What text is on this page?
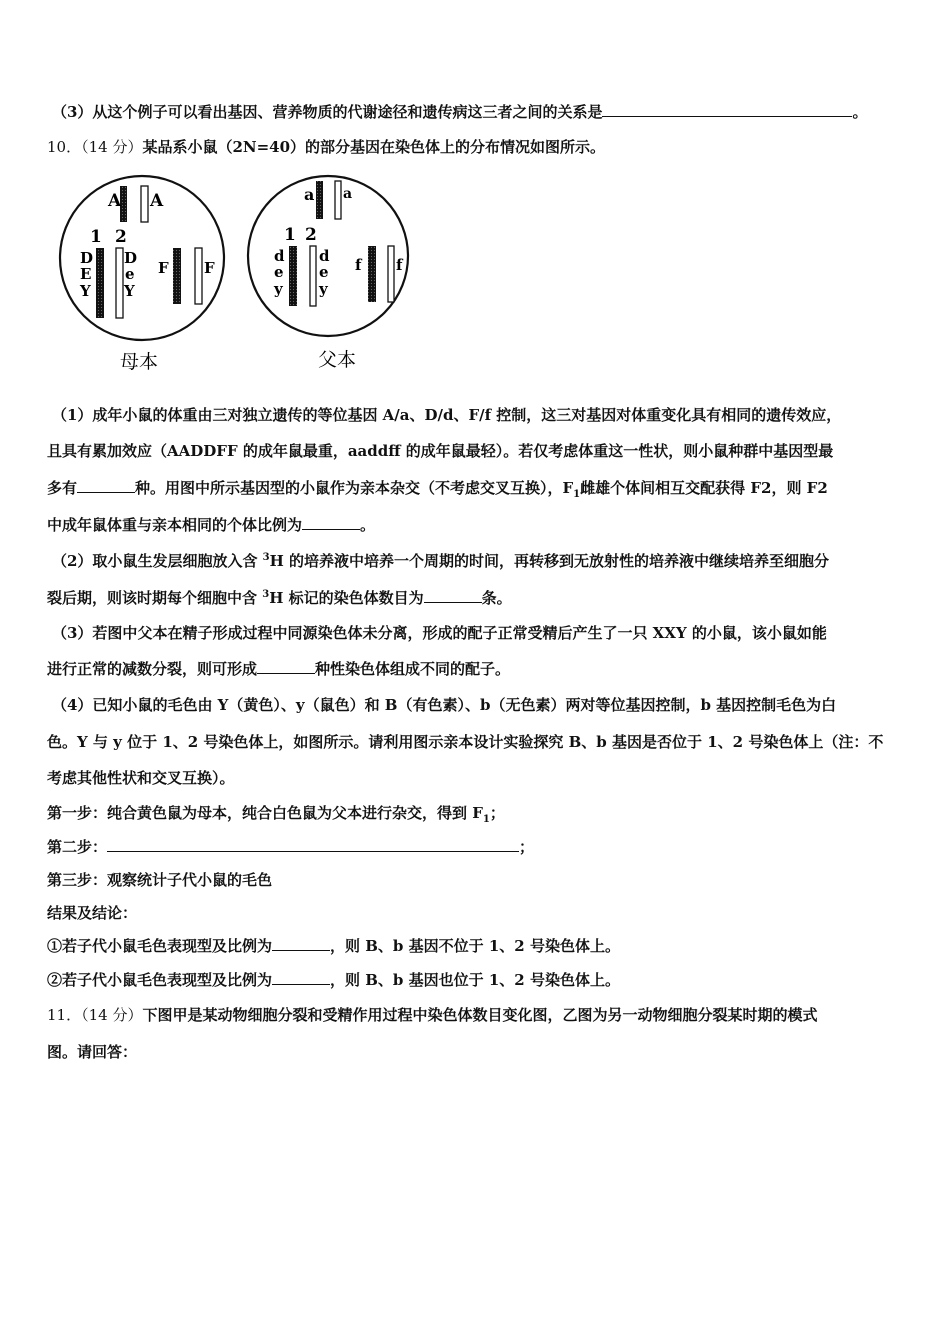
（3）从这个例子可以看出基因、营养物质的代谢途径和遗传病这三者之间的关系是	。
10．（14 分）某品系小鼠（2N=40）的部分基因在染色体上的分布情况如图所示。
A A
1 2
D
E
Y
D
e
Y
F F
母本
a a
1 2
d
e
y
d
e
y
f f
父本
（1）成年小鼠的体重由三对独立遗传的等位基因 A/a、D/d、F/f 控制，这三对基因对体重变化具有相同的遗传效应，
且具有累加效应（AADDFF 的成年鼠最重，aaddff 的成年鼠最轻）。若仅考虑体重这一性状，则小鼠种群中基因型最
多有	种。用图中所示基因型的小鼠作为亲本杂交（不考虑交叉互换），$F_1$雌雄个体间相互交配获得 F2，则 F2
中成年鼠体重与亲本相同的个体比例为	。
（2）取小鼠生发层细胞放入含 $^3$H 的培养液中培养一个周期的时间，再转移到无放射性的培养液中继续培养至细胞分
裂后期，则该时期每个细胞中含 $^3$H 标记的染色体数目为	条。
（3）若图中父本在精子形成过程中同源染色体未分离，形成的配子正常受精后产生了一只 XXY 的小鼠，该小鼠如能
进行正常的减数分裂，则可形成	种性染色体组成不同的配子。
（4）已知小鼠的毛色由 Y（黄色）、y（鼠色）和 B（有色素）、b（无色素）两对等位基因控制，b 基因控制毛色为白
色。Y 与 y 位于 1、2 号染色体上，如图所示。请利用图示亲本设计实验探究 B、b 基因是否位于 1、2 号染色体上（注：不
考虑其他性状和交叉互换）。
第一步：纯合黄色鼠为母本，纯合白色鼠为父本进行杂交，得到 $F_1$；
第二步：	；
第三步：观察统计子代小鼠的毛色
结果及结论：
①若子代小鼠毛色表现型及比例为	，则 B、b 基因不位于 1、2 号染色体上。
②若子代小鼠毛色表现型及比例为	，则 B、b 基因也位于 1、2 号染色体上。
11．（14 分）下图甲是某动物细胞分裂和受精作用过程中染色体数目变化图，乙图为另一动物细胞分裂某时期的模式
图。请回答：
